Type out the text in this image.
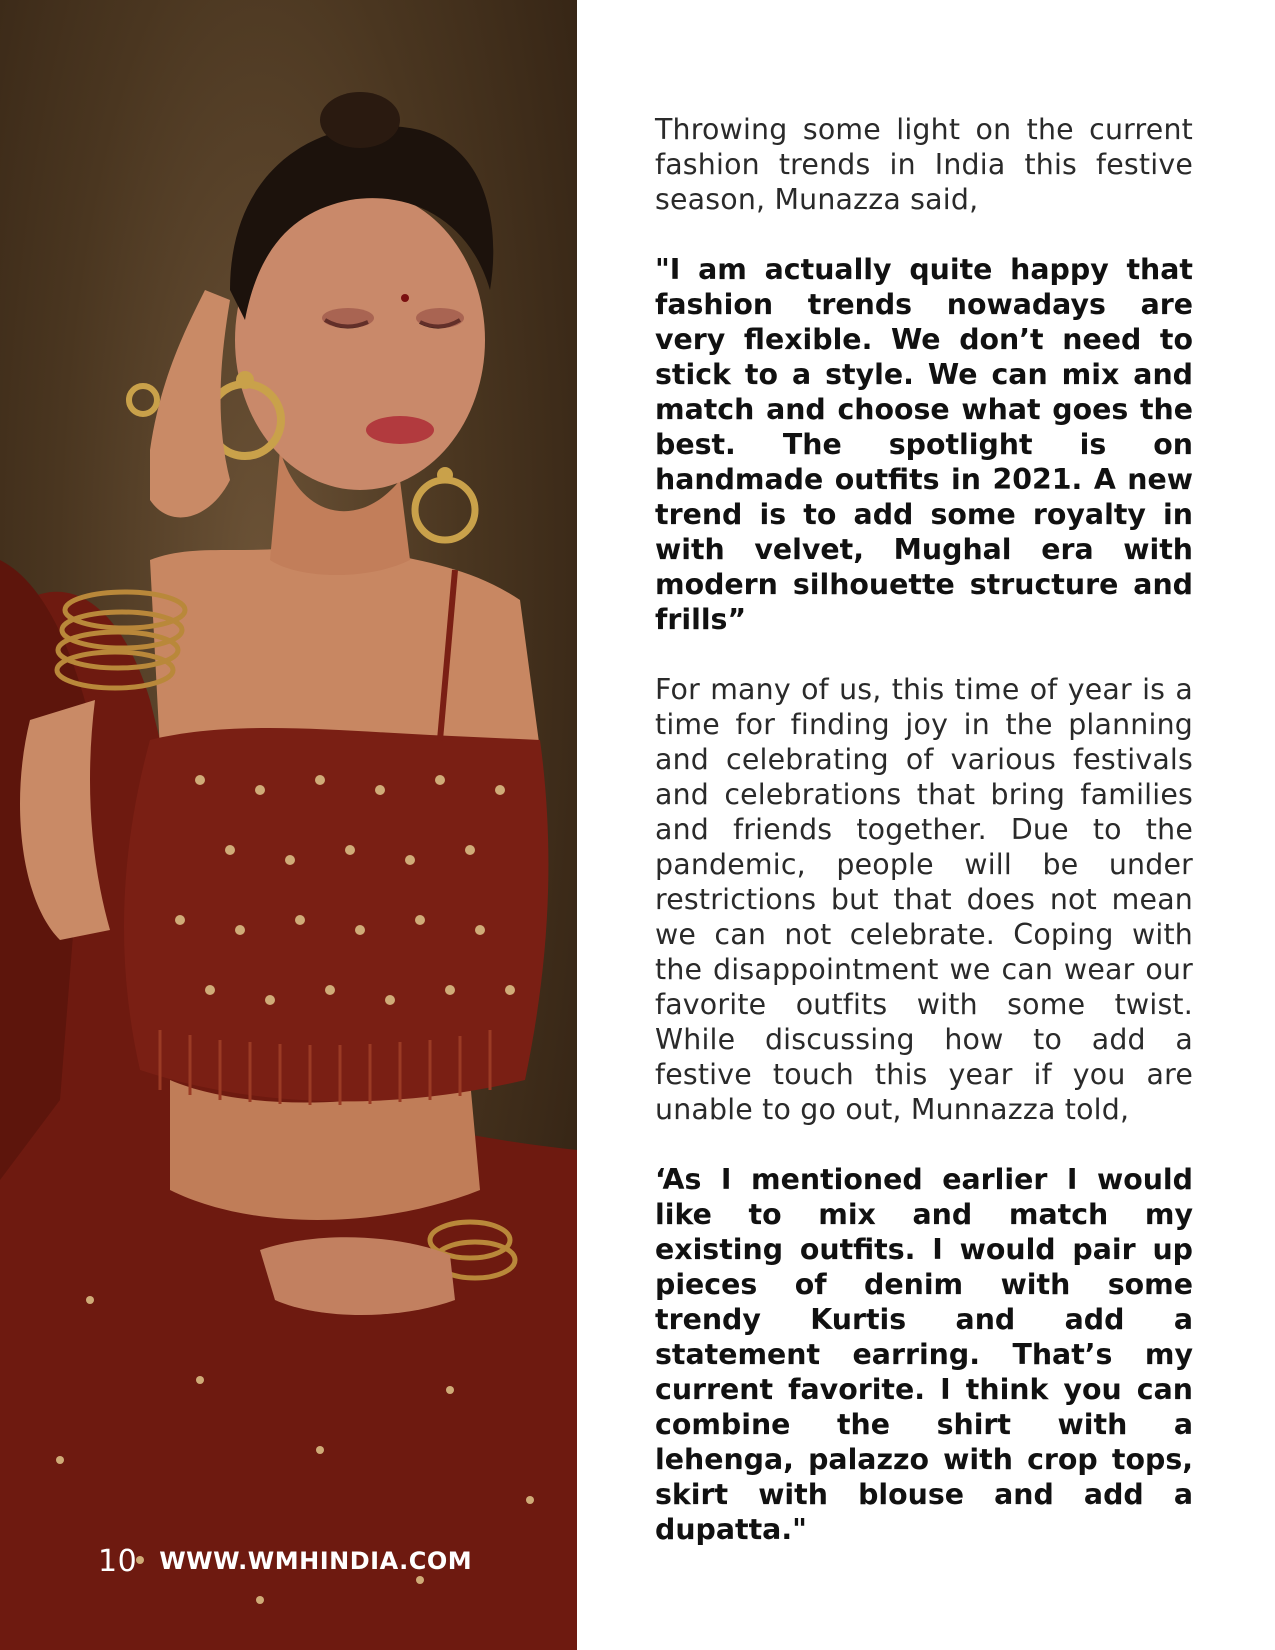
10 WWW.WMHINDIA.COM

Throwing some light on the current fashion trends in India this festive season, Munazza said,

"I am actually quite happy that fashion trends nowadays are very flexible. We don’t need to stick to a style. We can mix and match and choose what goes the best. The spotlight is on handmade outfits in 2021. A new trend is to add some royalty in with velvet, Mughal era with modern silhouette structure and frills”

For many of us, this time of year is a time for finding joy in the planning and celebrating of various festivals and celebrations that bring families and friends together. Due to the pandemic, people will be under restrictions but that does not mean we can not celebrate. Coping with the disappointment we can wear our favorite outfits with some twist. While discussing how to add a festive touch this year if you are unable to go out, Munnazza told,

‘As I mentioned earlier I would like to mix and match my existing outfits. I would pair up pieces of denim with some trendy Kurtis and add a statement earring. That’s my current favorite. I think you can combine the shirt with a lehenga, palazzo with crop tops, skirt with blouse and add a dupatta."
